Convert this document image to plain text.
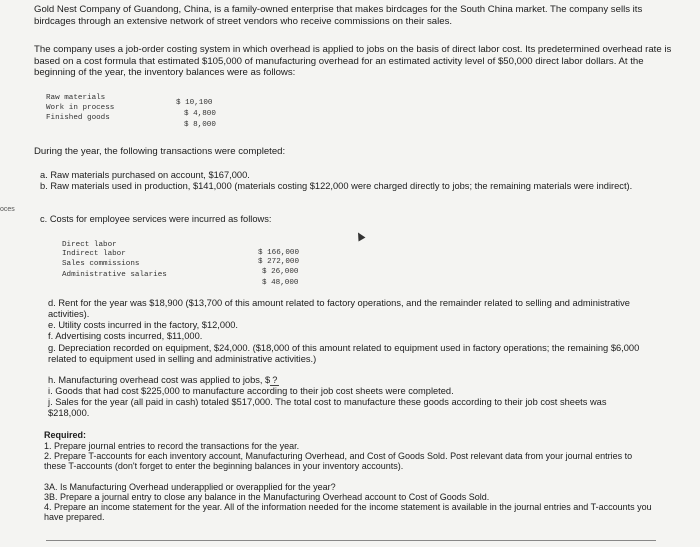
Gold Nest Company of Guandong, China, is a family-owned enterprise that makes birdcages for the South China market. The company sells its birdcages through an extensive network of street vendors who receive commissions on their sales.

The company uses a job-order costing system in which overhead is applied to jobs on the basis of direct labor cost. Its predetermined overhead rate is based on a cost formula that estimated $105,000 of manufacturing overhead for an estimated activity level of $50,000 direct labor dollars. At the beginning of the year, the inventory balances were as follows:

Raw materials
$ 10,100
Work in process
$ 4,800
Finished goods
$ 8,000

During the year, the following transactions were completed:

a. Raw materials purchased on account, $167,000.
b. Raw materials used in production, $141,000 (materials costing $122,000 were charged directly to jobs; the remaining materials were indirect).
c. Costs for employee services were incurred as follows:
oces
Direct labor
$ 166,000
Indirect labor
$ 272,000
Sales commissions
$ 26,000
Administrative salaries
$ 48,000
d. Rent for the year was $18,900 ($13,700 of this amount related to factory operations, and the remainder related to selling and administrative activities).
e. Utility costs incurred in the factory, $12,000.
f. Advertising costs incurred, $11,000.
g. Depreciation recorded on equipment, $24,000. ($18,000 of this amount related to equipment used in factory operations; the remaining $6,000 related to equipment used in selling and administrative activities.)
h. Manufacturing overhead cost was applied to jobs, $ ?
i. Goods that had cost $225,000 to manufacture according to their job cost sheets were completed.
j. Sales for the year (all paid in cash) totaled $517,000. The total cost to manufacture these goods according to their job cost sheets was $218,000.
Required:
1. Prepare journal entries to record the transactions for the year.
2. Prepare T-accounts for each inventory account, Manufacturing Overhead, and Cost of Goods Sold. Post relevant data from your journal entries to these T-accounts (don't forget to enter the beginning balances in your inventory accounts).
3A. Is Manufacturing Overhead underapplied or overapplied for the year?
3B. Prepare a journal entry to close any balance in the Manufacturing Overhead account to Cost of Goods Sold.
4. Prepare an income statement for the year. All of the information needed for the income statement is available in the journal entries and T-accounts you have prepared.
